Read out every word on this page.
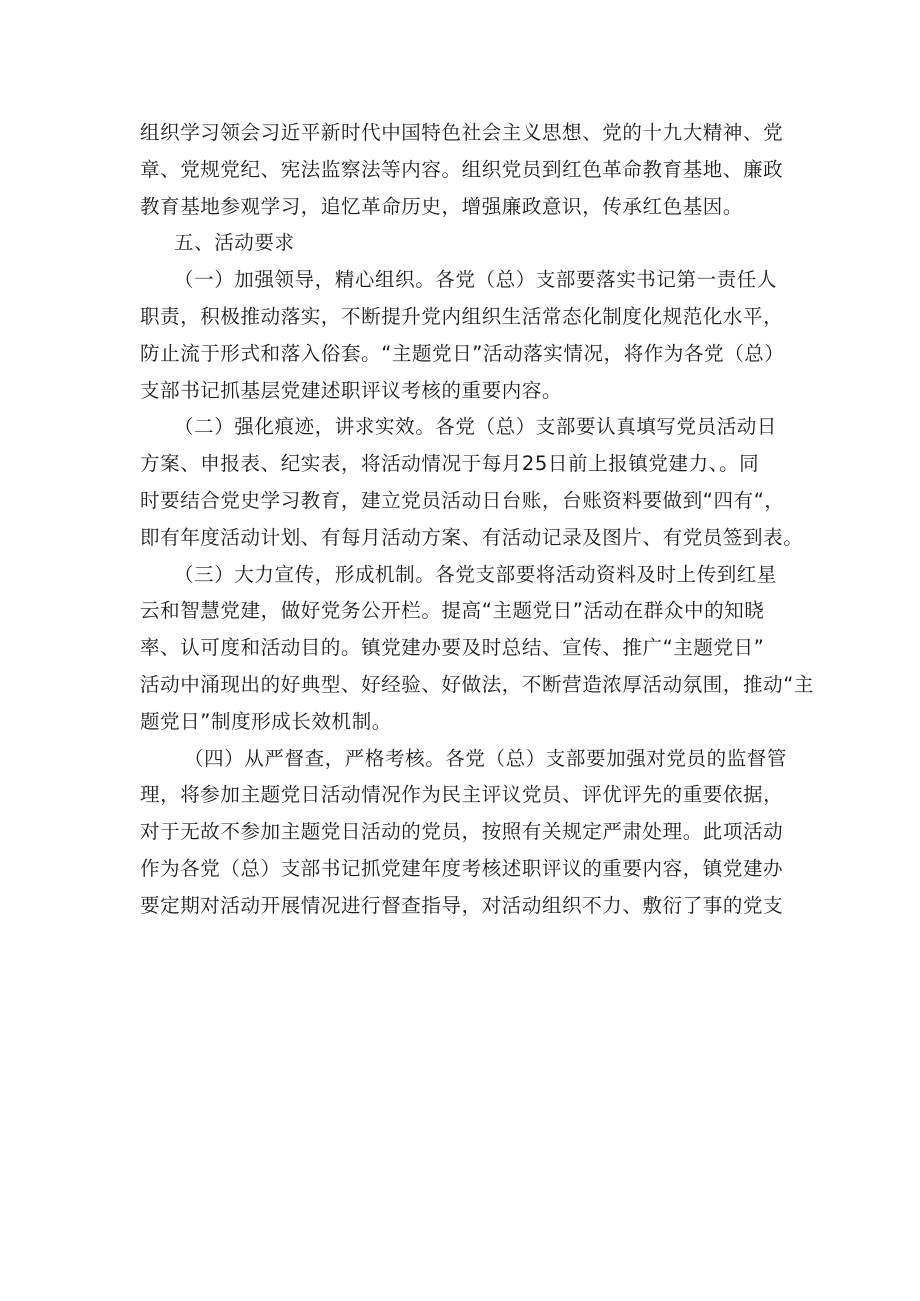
组织学习领会习近平新时代中国特色社会主义思想、党的十九大精神、党
章、党规党纪、宪法监察法等内容。组织党员到红色革命教育基地、廉政
教育基地参观学习，追忆革命历史，增强廉政意识，传承红色基因。
五、活动要求
（一）加强领导，精心组织。各党（总）支部要落实书记第一责任人
职责，积极推动落实，不断提升党内组织生活常态化制度化规范化水平，
防止流于形式和落入俗套。“主题党日”活动落实情况，将作为各党（总）
支部书记抓基层党建述职评议考核的重要内容。
（二）强化痕迹，讲求实效。各党（总）支部要认真填写党员活动日
方案、申报表、纪实表，将活动情况于每月25日前上报镇党建力、。同
时要结合党史学习教育，建立党员活动日台账，台账资料要做到“四有“，
即有年度活动计划、有每月活动方案、有活动记录及图片、有党员签到表。
（三）大力宣传，形成机制。各党支部要将活动资料及时上传到红星
云和智慧党建，做好党务公开栏。提高“主题党日”活动在群众中的知晓
率、认可度和活动目的。镇党建办要及时总结、宣传、推广“主题党日”
活动中涌现出的好典型、好经验、好做法，不断营造浓厚活动氛围，推动“主
题党日”制度形成长效机制。
（四）从严督查，严格考核。各党（总）支部要加强对党员的监督管
理，将参加主题党日活动情况作为民主评议党员、评优评先的重要依据，
对于无故不参加主题党日活动的党员，按照有关规定严肃处理。此项活动
作为各党（总）支部书记抓党建年度考核述职评议的重要内容，镇党建办
要定期对活动开展情况进行督查指导，对活动组织不力、敷衍了事的党支
